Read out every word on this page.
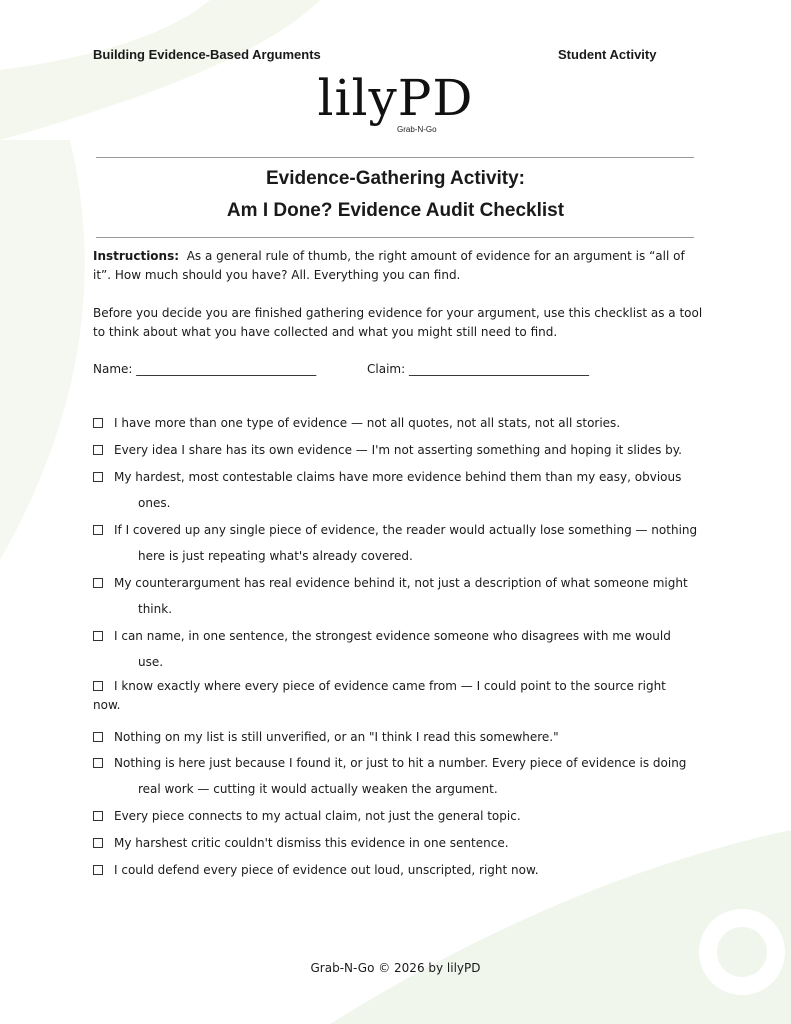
Building Evidence-Based Arguments	Student Activity
lilyPD
Grab-N-Go
Evidence-Gathering Activity:
Am I Done? Evidence Audit Checklist
Instructions: As a general rule of thumb, the right amount of evidence for an argument is “all of it”. How much should you have? All. Everything you can find.
Before you decide you are finished gathering evidence for your argument, use this checklist as a tool to think about what you have collected and what you might still need to find.
Name: ______________________________	Claim: ______________________________
I have more than one type of evidence — not all quotes, not all stats, not all stories.
Every idea I share has its own evidence — I'm not asserting something and hoping it slides by.
My hardest, most contestable claims have more evidence behind them than my easy, obvious
ones.
If I covered up any single piece of evidence, the reader would actually lose something — nothing
here is just repeating what's already covered.
My counterargument has real evidence behind it, not just a description of what someone might
think.
I can name, in one sentence, the strongest evidence someone who disagrees with me would
use.
I know exactly where every piece of evidence came from — I could point to the source right
now.
Nothing on my list is still unverified, or an "I think I read this somewhere."
Nothing is here just because I found it, or just to hit a number. Every piece of evidence is doing
real work — cutting it would actually weaken the argument.
Every piece connects to my actual claim, not just the general topic.
My harshest critic couldn't dismiss this evidence in one sentence.
I could defend every piece of evidence out loud, unscripted, right now.
Grab-N-Go © 2026 by lilyPD
